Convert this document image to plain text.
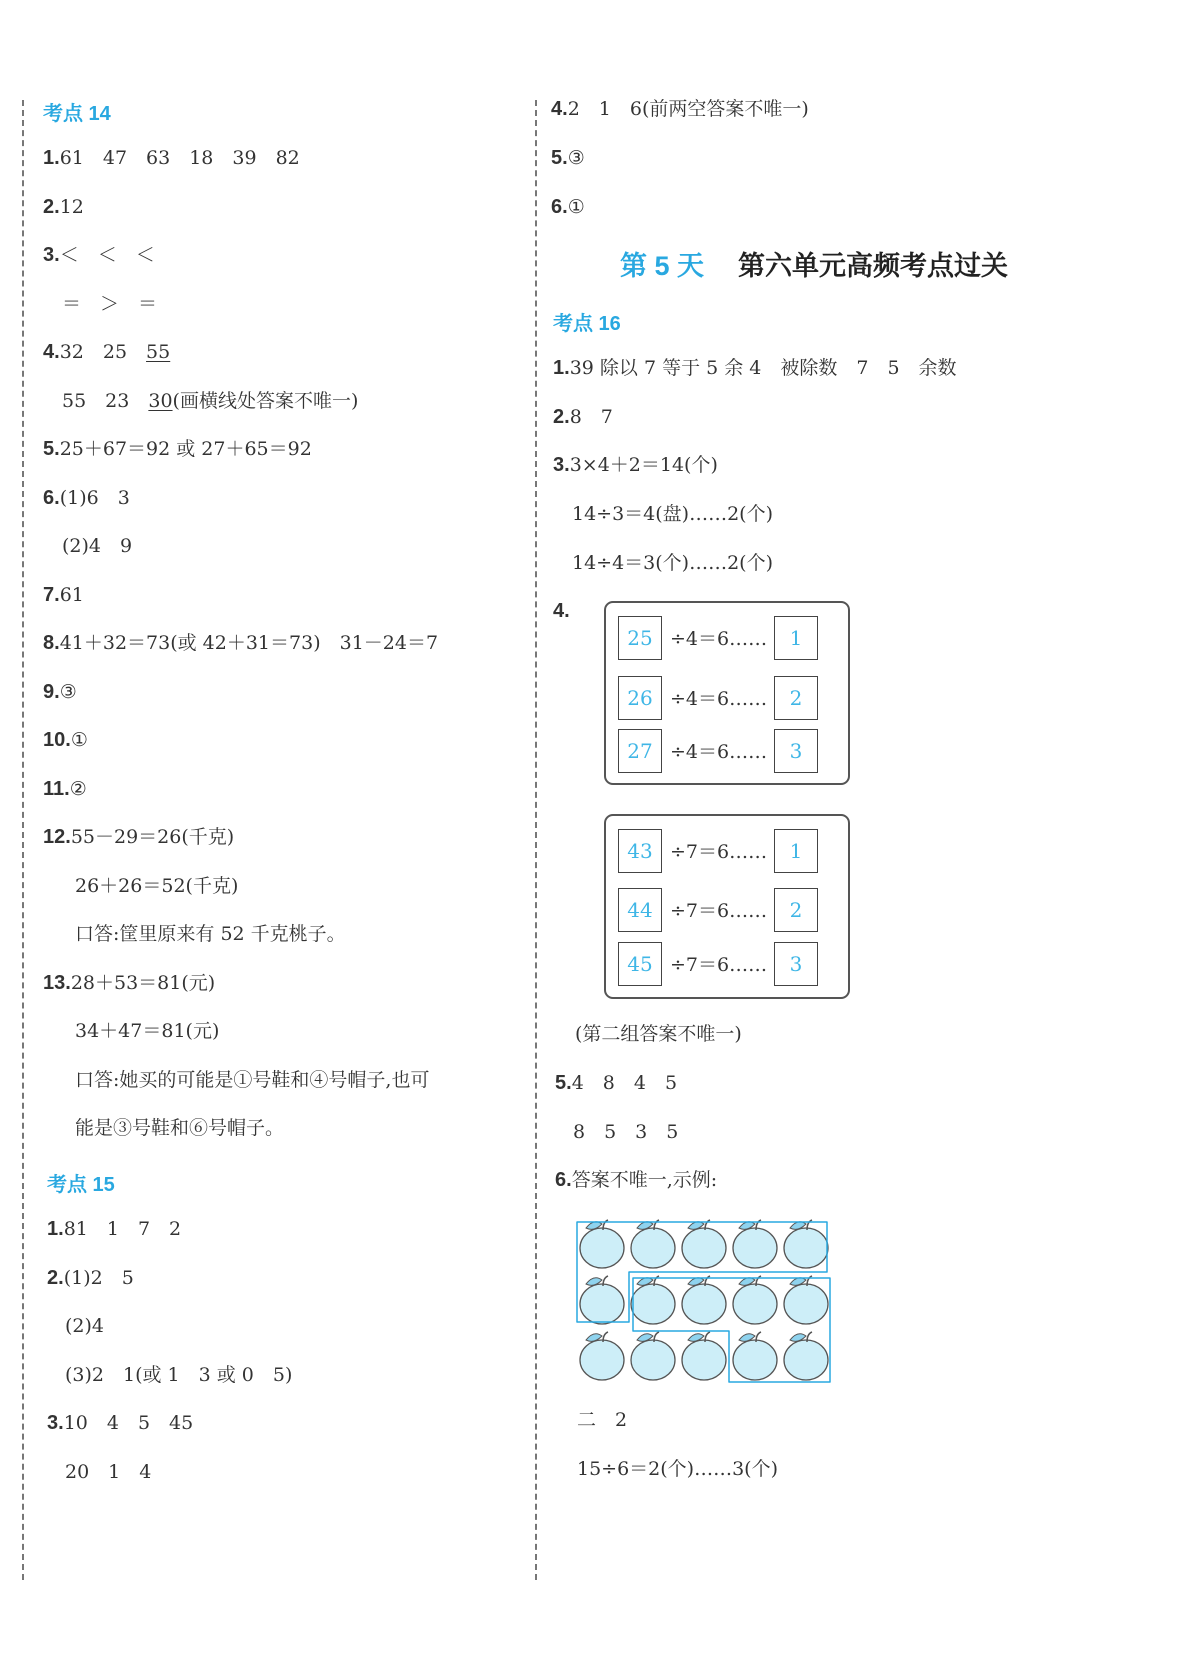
第 5 天 第六单元高频考点过关
25 ÷4＝6……	1
26 ÷4＝6……	2
27 ÷4＝6……	3
43 ÷7＝6……	1
44 ÷7＝6……	2
45 ÷7＝6……	3
考点 14
1.61　47　63　18　39　82
2.12
3.＜　＜　＜
＝　＞　＝
4.32　25　55
55　23　30(画横线处答案不唯一)
5.25＋67＝92 或 27＋65＝92
6.(1)6　3
(2)4　9
7.61
8.41＋32＝73(或 42＋31＝73)　31－24＝7
9.③
10.①
11.②
12.55－29＝26(千克)
26＋26＝52(千克)
口答:筐里原来有 52 千克桃子。
13.28＋53＝81(元)
34＋47＝81(元)
口答:她买的可能是①号鞋和④号帽子,也可
能是③号鞋和⑥号帽子。
考点 15
1.81　1　7　2
2.(1)2　5
(2)4
(3)2　1(或 1　3 或 0　5)
3.10　4　5　45
20　1　4
4.2　1　6(前两空答案不唯一)
5.③
6.①
考点 16
1.39 除以 7 等于 5 余 4　被除数　7　5　余数
2.8　7
3.3×4＋2＝14(个)
14÷3＝4(盘)……2(个)
14÷4＝3(个)……2(个)
4.
(第二组答案不唯一)
5.4　8　4　5
8　5　3　5
6.答案不唯一,示例:
二　2
15÷6＝2(个)……3(个)
